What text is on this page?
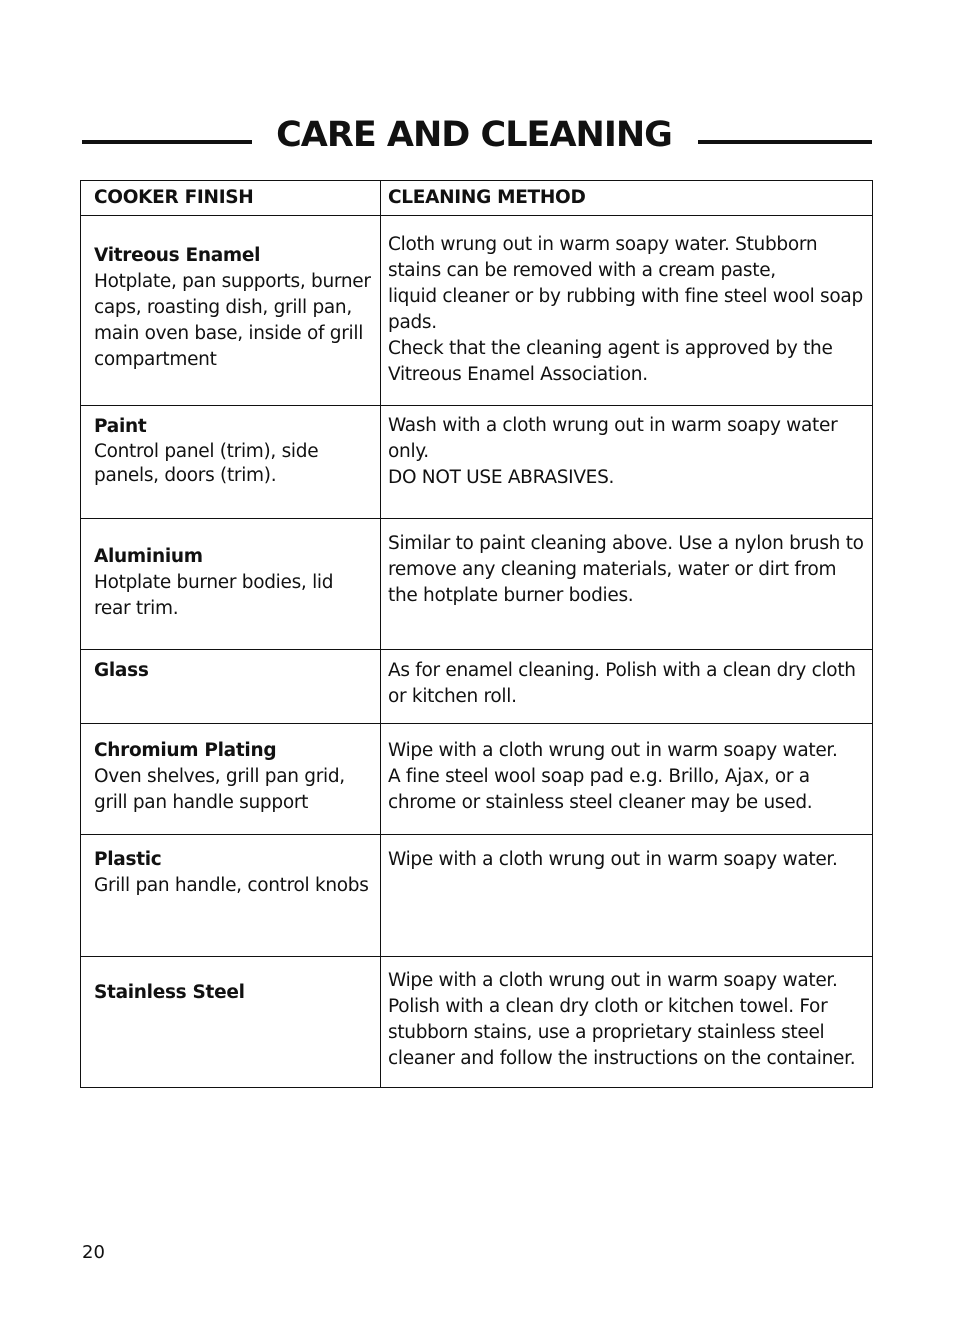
CARE AND CLEANING
COOKER FINISH	CLEANING METHOD

Vitreous Enamel
Hotplate, pan supports, burner caps, roasting dish, grill pan, main oven base, inside of grill compartment	Cloth wrung out in warm soapy water. Stubborn stains can be removed with a cream paste,
liquid cleaner or by rubbing with fine steel wool soap pads.
Check that the cleaning agent is approved by the Vitreous Enamel Association.

Paint
Control panel (trim), side panels, doors (trim).	Wash with a cloth wrung out in warm soapy water only.
DO NOT USE ABRASIVES.

Aluminium
Hotplate burner bodies, lid rear trim.	Similar to paint cleaning above. Use a nylon brush to remove any cleaning materials, water or dirt from the hotplate burner bodies.

Glass	As for enamel cleaning. Polish with a clean dry cloth or kitchen roll.

Chromium Plating
Oven shelves, grill pan grid, grill pan handle support	Wipe with a cloth wrung out in warm soapy water.
A fine steel wool soap pad e.g. Brillo, Ajax, or a chrome or stainless steel cleaner may be used.

Plastic
Grill pan handle, control knobs	Wipe with a cloth wrung out in warm soapy water.

Stainless Steel	Wipe with a cloth wrung out in warm soapy water. Polish with a clean dry cloth or kitchen towel. For stubborn stains, use a proprietary stainless steel cleaner and follow the instructions on the container.
20
